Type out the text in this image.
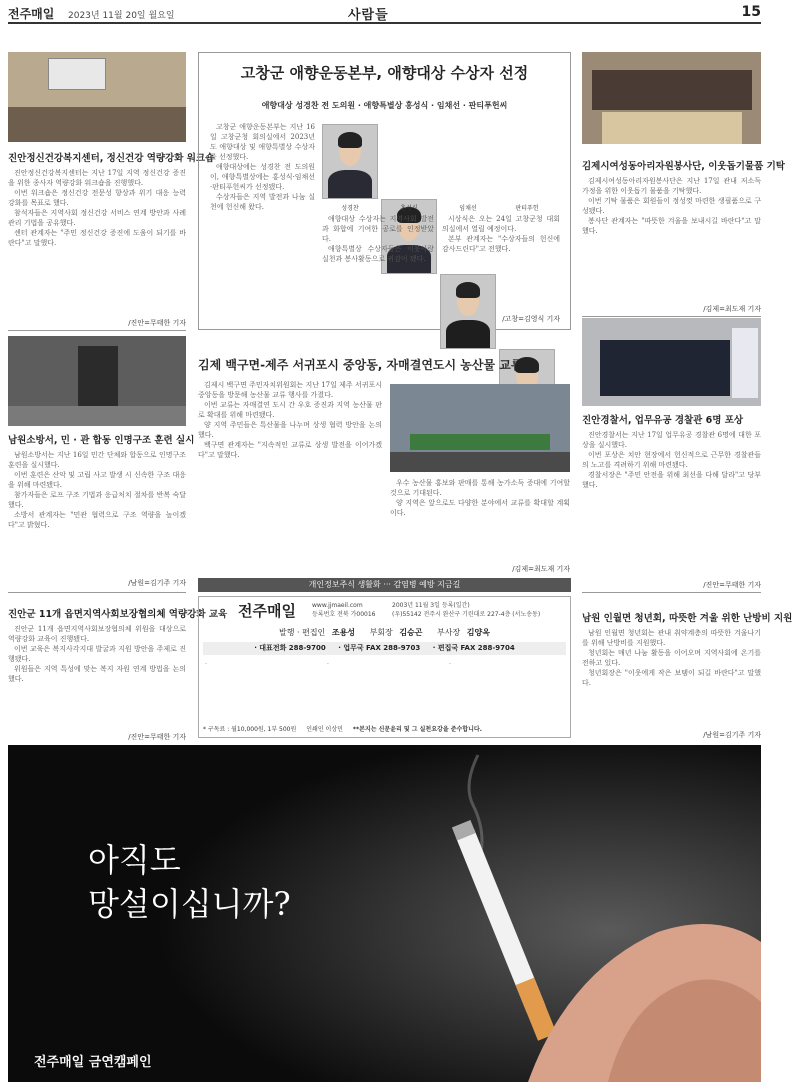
전주매일 2023년 11월 20일 월요일	사람들	15
진안정신건강복지센터, 정신건강 역량강화 워크숍

진안정신건강복지센터는 지난 17일 지역 정신건강 증진을 위한 종사자 역량강화 워크숍을 진행했다.

이번 워크숍은 정신건강 전문성 향상과 위기 대응 능력 강화를 목표로 했다.

참석자들은 지역사회 정신건강 서비스 연계 방안과 사례 관리 기법을 공유했다.

센터 관계자는 "주민 정신건강 증진에 도움이 되기를 바란다"고 말했다.

/진안=무태한 기자
남원소방서, 민 · 관 합동 인명구조 훈련 실시

남원소방서는 지난 16일 민간 단체와 합동으로 인명구조 훈련을 실시했다.

이번 훈련은 산악 및 고립 사고 발생 시 신속한 구조 대응을 위해 마련됐다.

참가자들은 로프 구조 기법과 응급처치 절차를 반복 숙달했다.

소방서 관계자는 "민관 협력으로 구조 역량을 높이겠다"고 밝혔다.

/남원=김기주 기자
진안군 11개 읍면지역사회보장협의체 역량강화 교육

진안군 11개 읍면지역사회보장협의체 위원을 대상으로 역량강화 교육이 진행됐다.

이번 교육은 복지사각지대 발굴과 지원 방안을 주제로 진행됐다.

위원들은 지역 특성에 맞는 복지 자원 연계 방법을 논의했다.

/진안=무태한 기자
고창군 애향운동본부, 애향대상 수상자 선정
애향대상 성경찬 전 도의원 · 애향특별상 홍성식 · 임채선 · 판티푸헌씨

고창군 애향운동본부는 지난 16일 고창군청 회의실에서 2023년도 애향대상 및 애향특별상 수상자를 선정했다.

애향대상에는 성경찬 전 도의원이, 애향특별상에는 홍성식·임채선·판티푸헌씨가 선정됐다.

수상자들은 지역 발전과 나눔 실천에 헌신해 왔다.	성경찬	홍성식	임채선	판티푸헌

애향대상 수상자는 지역사회 발전과 화합에 기여한 공로를 인정받았다.

애향특별상 수상자들은 이웃사랑 실천과 봉사활동으로 귀감이 됐다.

시상식은 오는 24일 고창군청 대회의실에서 열릴 예정이다.

본부 관계자는 "수상자들의 헌신에 감사드린다"고 전했다.

/고창=김영식 기자
김제 백구면-제주 서귀포시 중앙동, 자매결연도시 농산물 교류

김제시 백구면 주민자치위원회는 지난 17일 제주 서귀포시 중앙동을 방문해 농산물 교류 행사를 가졌다.

이번 교류는 자매결연 도시 간 우호 증진과 지역 농산물 판로 확대를 위해 마련됐다.

양 지역 주민들은 특산물을 나누며 상생 협력 방안을 논의했다.

백구면 관계자는 "지속적인 교류로 상생 발전을 이어가겠다"고 말했다.

우수 농산물 홍보와 판매를 통해 농가소득 증대에 기여할 것으로 기대된다.

양 지역은 앞으로도 다양한 분야에서 교류를 확대할 계획이다.

/김제=최도재 기자
개인정보주식 생활화 ··· 감염병 예방 지금길
전주매일	www.jjmaeil.com
등록번호 전북 가00016
2003년 11월 3일 등록(일간)
(우)55142 전주시 완산구 기린대로 227-4층 (서노송동)
발행 · 편집인 조용성 부회장 김승곤 부사장 김양옥
· 대표전화 288-9700 · 업무국 FAX 288-9703 · 편집국 FAX 288-9704
·	·	·
* 구독료 : 월10,000원, 1부 500원 인쇄인 이상민 **본지는 신문윤리 및 그 실천요강을 준수합니다.
김제시여성동아리자원봉사단, 이웃돕기물품 기탁

김제시여성동아리자원봉사단은 지난 17일 관내 저소득 가정을 위한 이웃돕기 물품을 기탁했다.

이번 기탁 물품은 회원들이 정성껏 마련한 생필품으로 구성됐다.

봉사단 관계자는 "따뜻한 겨울을 보내시길 바란다"고 말했다.

/김제=최도재 기자
진안경찰서, 업무유공 경찰관 6명 포상

진안경찰서는 지난 17일 업무유공 경찰관 6명에 대한 포상을 실시했다.

이번 포상은 치안 현장에서 헌신적으로 근무한 경찰관들의 노고를 격려하기 위해 마련됐다.

경찰서장은 "주민 안전을 위해 최선을 다해 달라"고 당부했다.

/진안=무태한 기자
남원 인월면 청년회, 따뜻한 겨울 위한 난방비 지원

남원 인월면 청년회는 관내 취약계층의 따뜻한 겨울나기를 위해 난방비를 지원했다.

청년회는 매년 나눔 활동을 이어오며 지역사회에 온기를 전하고 있다.

청년회장은 "이웃에게 작은 보탬이 되길 바란다"고 말했다.

/남원=김기주 기자
아직도
망설이십니까?
전주매일 금연캠페인
